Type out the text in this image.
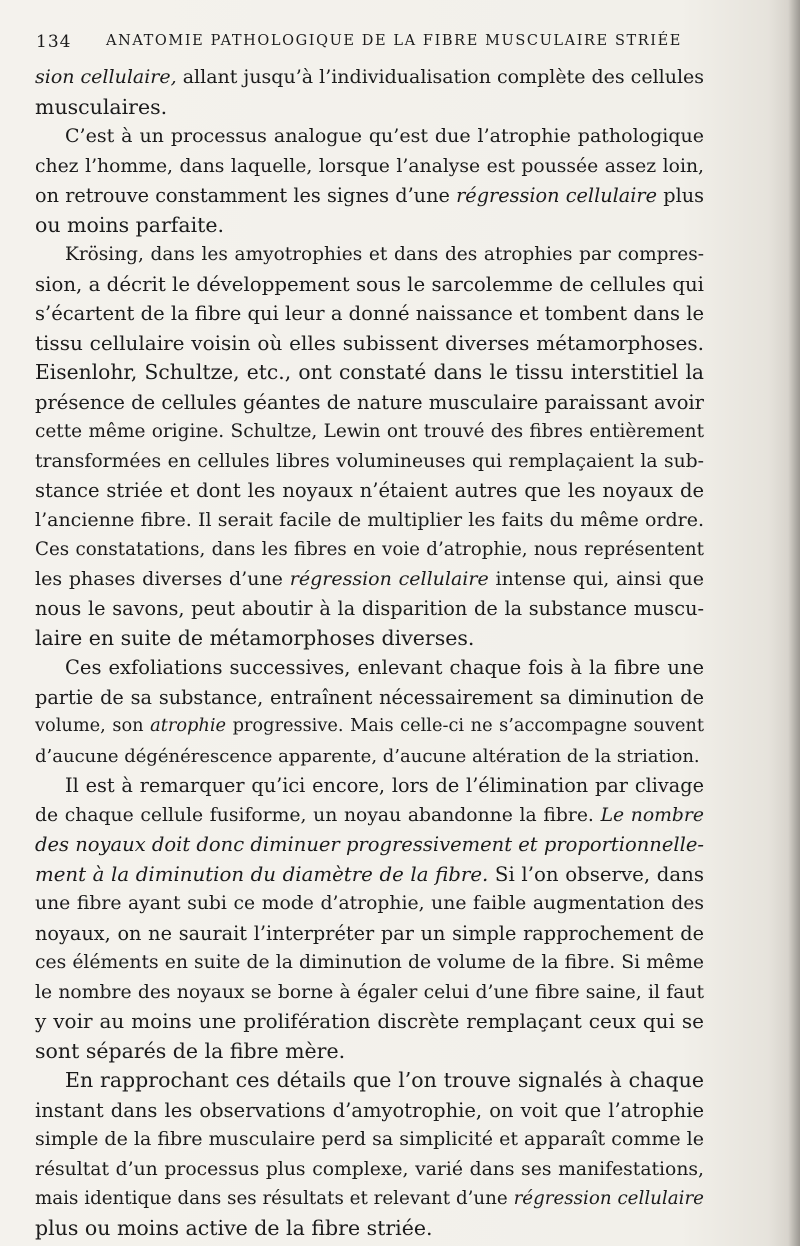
134 ANATOMIE PATHOLOGIQUE DE LA FIBRE MUSCULAIRE STRIÉE
sion cellulaire, allant jusqu’à l’individualisation complète des cellules
musculaires.
C’est à un processus analogue qu’est due l’atrophie pathologique
chez l’homme, dans laquelle, lorsque l’analyse est poussée assez loin,
on retrouve constamment les signes d’une régression cellulaire plus
ou moins parfaite.
Krösing, dans les amyotrophies et dans des atrophies par compres-
sion, a décrit le développement sous le sarcolemme de cellules qui
s’écartent de la fibre qui leur a donné naissance et tombent dans le
tissu cellulaire voisin où elles subissent diverses métamorphoses.
Eisenlohr, Schultze, etc., ont constaté dans le tissu interstitiel la
présence de cellules géantes de nature musculaire paraissant avoir
cette même origine. Schultze, Lewin ont trouvé des fibres entièrement
transformées en cellules libres volumineuses qui remplaçaient la sub-
stance striée et dont les noyaux n’étaient autres que les noyaux de
l’ancienne fibre. Il serait facile de multiplier les faits du même ordre.
Ces constatations, dans les fibres en voie d’atrophie, nous représentent
les phases diverses d’une régression cellulaire intense qui, ainsi que
nous le savons, peut aboutir à la disparition de la substance muscu-
laire en suite de métamorphoses diverses.
Ces exfoliations successives, enlevant chaque fois à la fibre une
partie de sa substance, entraînent nécessairement sa diminution de
volume, son atrophie progressive. Mais celle-ci ne s’accompagne souvent
d’aucune dégénérescence apparente, d’aucune altération de la striation.
Il est à remarquer qu’ici encore, lors de l’élimination par clivage
de chaque cellule fusiforme, un noyau abandonne la fibre. Le nombre
des noyaux doit donc diminuer progressivement et proportionnelle-
ment à la diminution du diamètre de la fibre. Si l’on observe, dans
une fibre ayant subi ce mode d’atrophie, une faible augmentation des
noyaux, on ne saurait l’interpréter par un simple rapprochement de
ces éléments en suite de la diminution de volume de la fibre. Si même
le nombre des noyaux se borne à égaler celui d’une fibre saine, il faut
y voir au moins une prolifération discrète remplaçant ceux qui se
sont séparés de la fibre mère.
En rapprochant ces détails que l’on trouve signalés à chaque
instant dans les observations d’amyotrophie, on voit que l’atrophie
simple de la fibre musculaire perd sa simplicité et apparaît comme le
résultat d’un processus plus complexe, varié dans ses manifestations,
mais identique dans ses résultats et relevant d’une régression cellulaire
plus ou moins active de la fibre striée.
